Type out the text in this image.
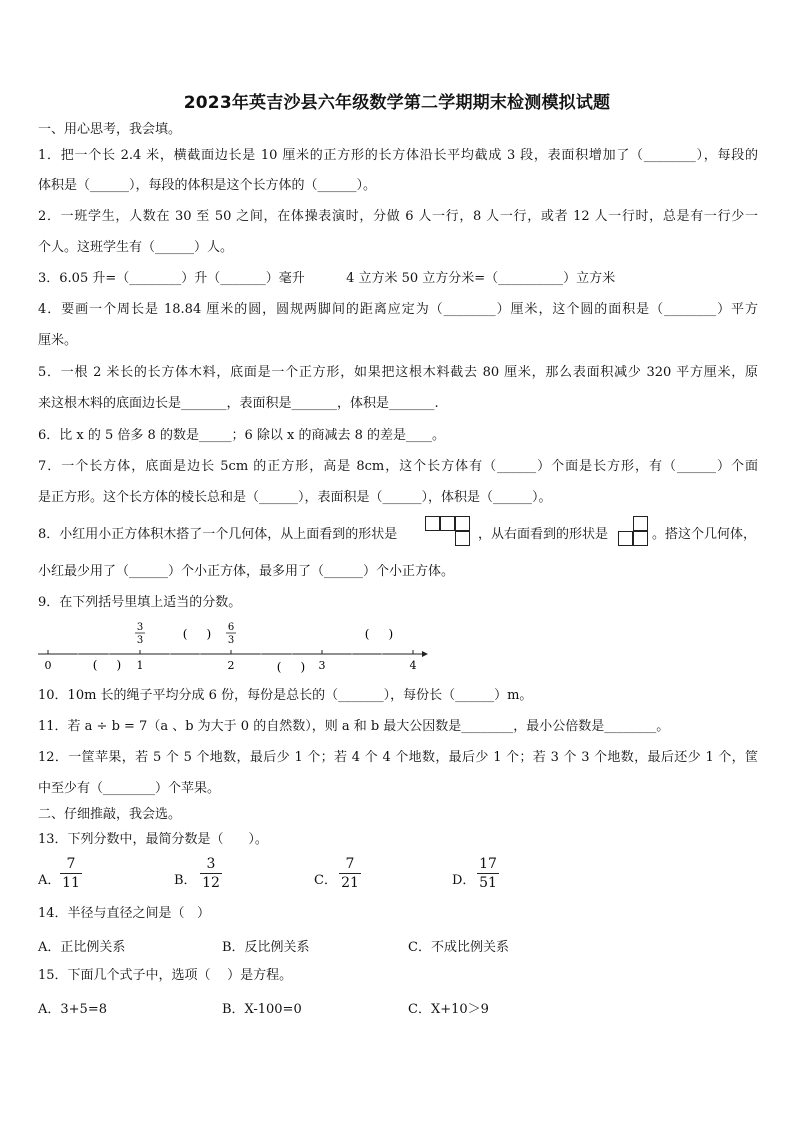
2023年英吉沙县六年级数学第二学期期末检测模拟试题
一、用心思考，我会填。
1．把一个长 2.4 米，横截面边长是 10 厘米的正方形的长方体沿长平均截成 3 段，表面积增加了（________），每段的
体积是（______），每段的体积是这个长方体的（______）。
2．一班学生，人数在 30 至 50 之间，在体操表演时，分做 6 人一行，8 人一行，或者 12 人一行时，总是有一行少一
个人。这班学生有（______）人。
3．6.05 升=（________）升（_______）毫升          4 立方米 50 立方分米=（__________）立方米
4．要画一个周长是 18.84 厘米的圆，圆规两脚间的距离应定为（________）厘米，这个圆的面积是（________）平方
厘米。
5．一根 2 米长的长方体木料，底面是一个正方形，如果把这根木料截去 80 厘米，那么表面积减少 320 平方厘米，原
来这根木料的底面边长是_______，表面积是_______，体积是_______.
6．比 x 的 5 倍多 8 的数是_____；6 除以 x 的商减去 8 的差是____。
7．一个长方体，底面是边长 5cm 的正方形，高是 8cm，这个长方体有（______）个面是长方形，有（______）个面
是正方形。这个长方体的棱长总和是（______），表面积是（______），体积是（______）。
8．小红用小正方体积木搭了一个几何体，从上面看到的形状是	，从右面看到的形状是	。搭这个几何体，
小红最少用了（______）个小正方体，最多用了（______）个小正方体。
9．在下列括号里填上适当的分数。
0	1	2	3	4
3
3
6
3
(     )	(     )
(     )	(     )
10．10m 长的绳子平均分成 6 份，每份是总长的（_______），每份长（______）m。
11．若 a ÷ b = 7（a 、b 为大于 0 的自然数），则 a 和 b 最大公因数是________，最小公倍数是________。
12．一筐苹果，若 5 个 5 个地数，最后少 1 个；若 4 个 4 个地数，最后少 1 个；若 3 个 3 个地数，最后还少 1 个，筐
中至少有（________）个苹果。
二、仔细推敲，我会选。
13．下列分数中，最简分数是（      ）。
A．
7
11	B．
3
12	C．
7
21	D．
17
51
14．半径与直径之间是（   ）
A．正比例关系	B．反比例关系	C．不成比例关系
15．下面几个式子中，选项（    ）是方程。
A．3+5=8	B．X-100=0	C．X+10＞9
